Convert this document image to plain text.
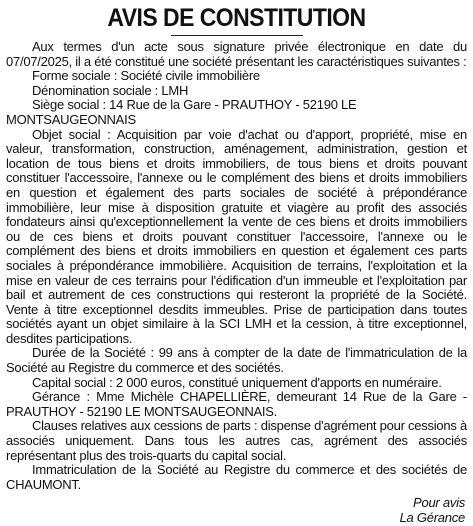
AVIS DE CONSTITUTION

Aux termes d'un acte sous signature privée électronique en date du 07/07/2025, il a été constitué une société présentant les caractéristiques suivantes :

Forme sociale : Société civile immobilière

Dénomination sociale : LMH

Siège social : 14 Rue de la Gare - PRAUTHOY - 52190 LE MONTSAUGEONNAIS

Objet social : Acquisition par voie d'achat ou d'apport, propriété, mise en valeur, transformation, construction, aménagement, administration, gestion et location de tous biens et droits immobiliers, de tous biens et droits pouvant constituer l'accessoire, l'annexe ou le complément des biens et droits immobiliers en question et également des parts sociales de société à prépondérance immobilière, leur mise à disposition gratuite et viagère au profit des associés fondateurs ainsi qu'exceptionnellement la vente de ces biens et droits immobiliers ou de ces biens et droits pouvant constituer l'accessoire, l'annexe ou le complément des biens et droits immobiliers en question et également ces parts sociales à prépondérance immobilière. Acquisition de terrains, l'exploitation et la mise en valeur de ces terrains pour l'édification d'un immeuble et l'exploitation par bail et autrement de ces constructions qui resteront la propriété de la Société. Vente à titre exceptionnel desdits immeubles. Prise de participation dans toutes sociétés ayant un objet similaire à la SCI LMH et la cession, à titre exceptionnel, desdites participations.

Durée de la Société : 99 ans à compter de la date de l'immatriculation de la Société au Registre du commerce et des sociétés.

Capital social : 2 000 euros, constitué uniquement d'apports en numéraire.

Gérance : Mme Michèle CHAPELLIÈRE, demeurant 14 Rue de la Gare - PRAUTHOY - 52190 LE MONTSAUGEONNAIS.

Clauses relatives aux cessions de parts : dispense d'agrément pour cessions à associés uniquement. Dans tous les autres cas, agrément des associés représentant plus des trois-quarts du capital social.

Immatriculation de la Société au Registre du commerce et des sociétés de CHAUMONT.

Pour avis
La Gérance
